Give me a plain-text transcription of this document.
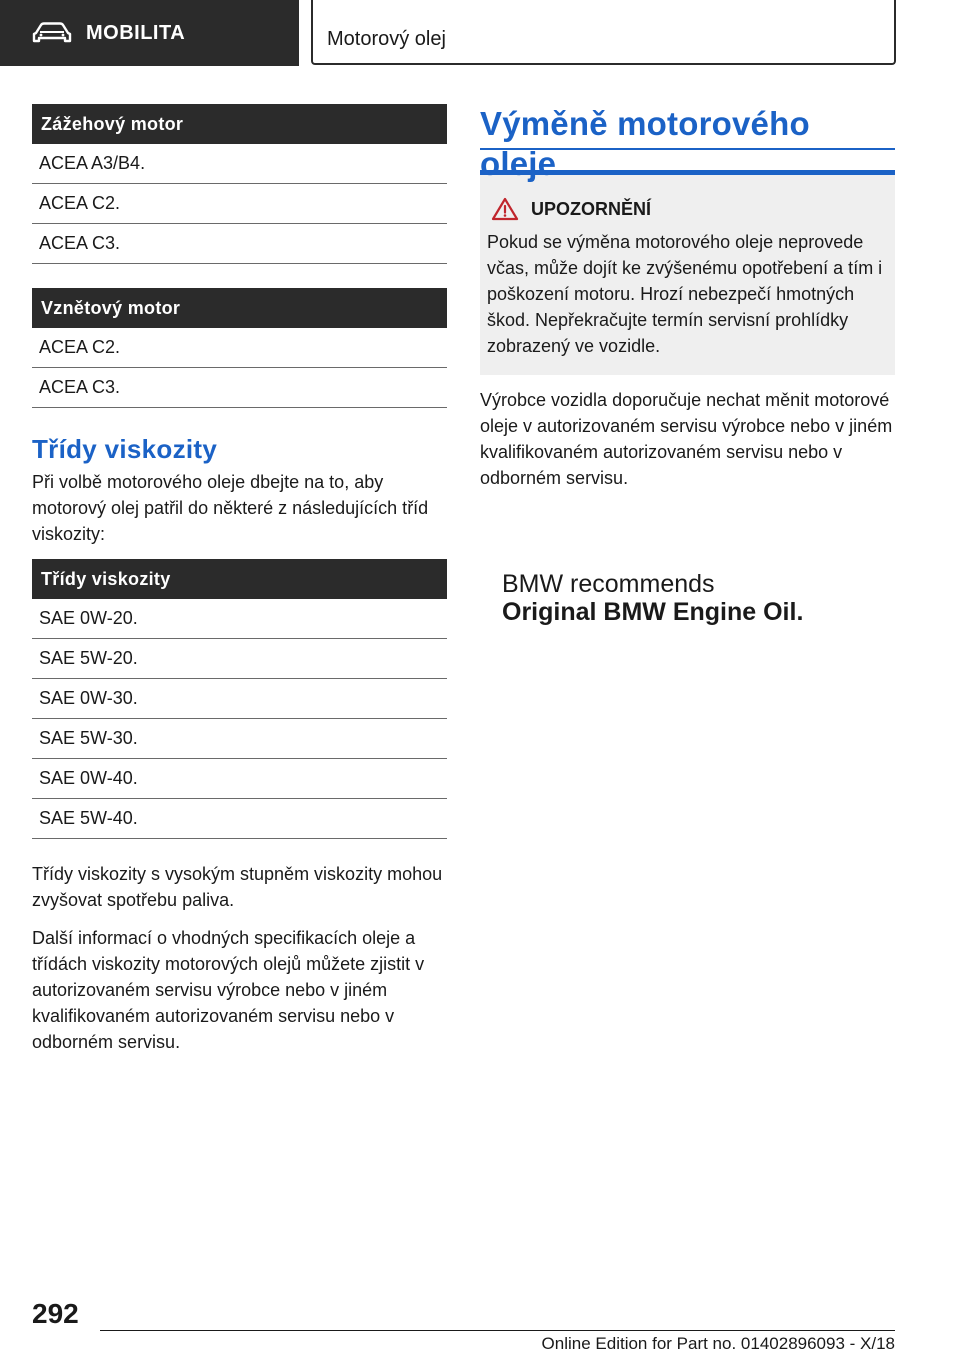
MOBILITA	Motorový olej
Zážehový motor
ACEA A3/B4.
ACEA C2.
ACEA C3.
Vznětový motor
ACEA C2.
ACEA C3.
Třídy viskozity

Při volbě motorového oleje dbejte na to, aby motorový olej patřil do některé z následujících tříd viskozity:

Třídy viskozity
SAE 0W-20.
SAE 5W-20.
SAE 0W-30.
SAE 5W-30.
SAE 0W-40.
SAE 5W-40.

Třídy viskozity s vysokým stupněm viskozity mohou zvyšovat spotřebu paliva.

Další informací o vhodných specifikacích oleje a třídách viskozity motorových olejů můžete zjistit v autorizovaném servisu výrobce nebo v jiném kvalifikovaném autorizovaném servisu nebo v odborném servisu.

Výměně motorového oleje
UPOZORNĚNÍ
Pokud se výměna motorového oleje neprovede včas, může dojít ke zvýšenému opotřebení a tím i poškození motoru. Hrozí nebezpečí hmotných škod. Nepřekračujte termín servisní prohlídky zobrazený ve vozidle.
Výrobce vozidla doporučuje nechat měnit motorové oleje v autorizovaném servisu výrobce nebo v jiném kvalifikovaném autorizovaném servisu nebo v odborném servisu.
BMW recommends
Original BMW Engine Oil.
292
Online Edition for Part no. 01402896093 - X/18
